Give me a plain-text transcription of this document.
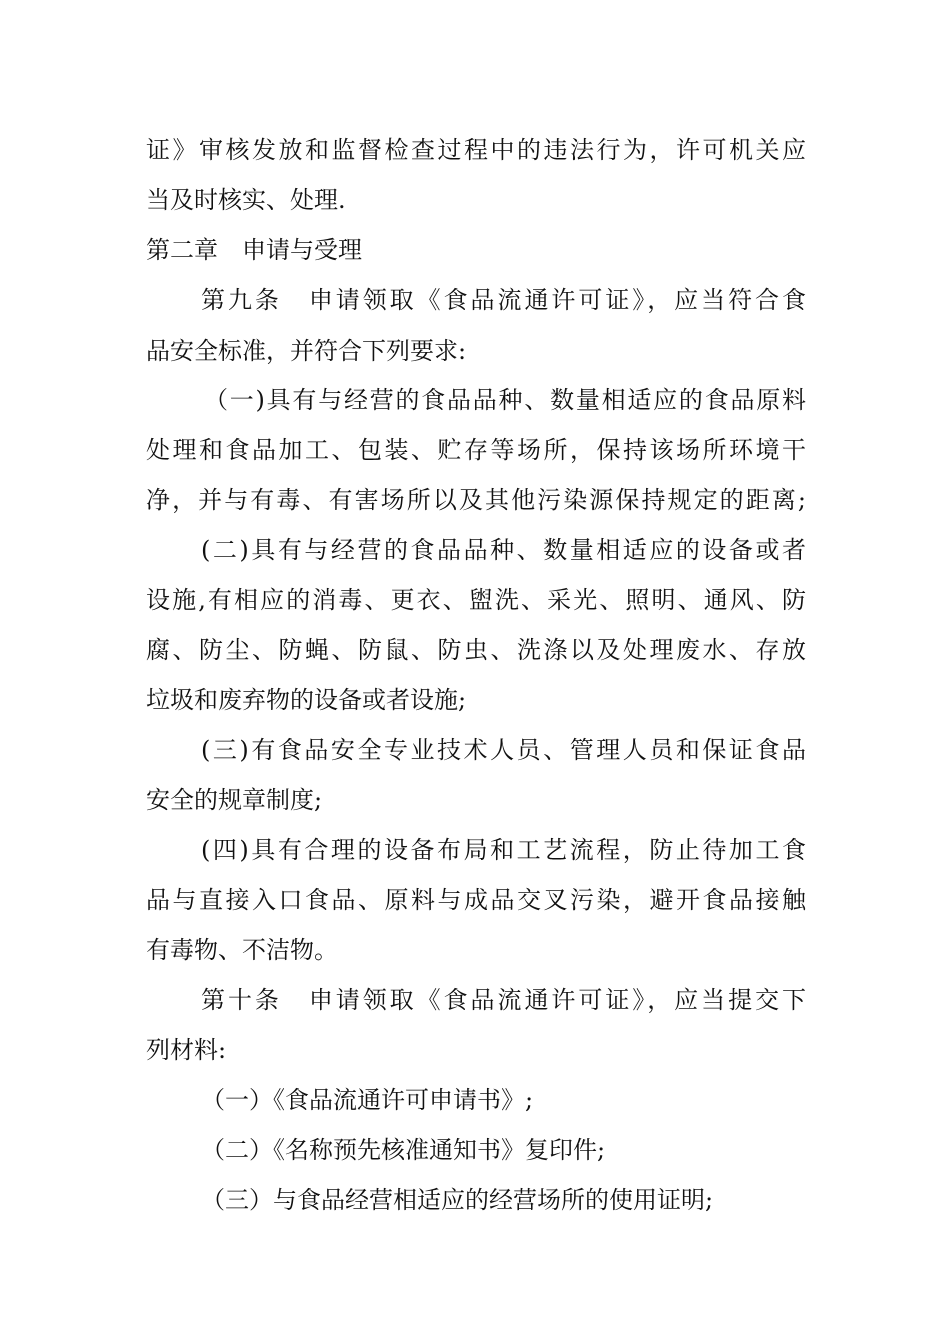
证》审核发放和监督检查过程中的违法行为，许可机关应
当及时核实、处理.
第二章　申请与受理
第九条　申请领取《食品流通许可证》，应当符合食
品安全标准，并符合下列要求:
（一)具有与经营的食品品种、数量相适应的食品原料
处理和食品加工、包装、贮存等场所，保持该场所环境干
净，并与有毒、有害场所以及其他污染源保持规定的距离;
(二)具有与经营的食品品种、数量相适应的设备或者
设施,有相应的消毒、更衣、盥洗、采光、照明、通风、防
腐、防尘、防蝇、防鼠、防虫、洗涤以及处理废水、存放
垃圾和废弃物的设备或者设施;
(三)有食品安全专业技术人员、管理人员和保证食品
安全的规章制度;
(四)具有合理的设备布局和工艺流程，防止待加工食
品与直接入口食品、原料与成品交叉污染，避开食品接触
有毒物、不洁物。
第十条　申请领取《食品流通许可证》，应当提交下
列材料:
（一）《食品流通许可申请书》;
（二）《名称预先核准通知书》复印件;
（三）与食品经营相适应的经营场所的使用证明;
